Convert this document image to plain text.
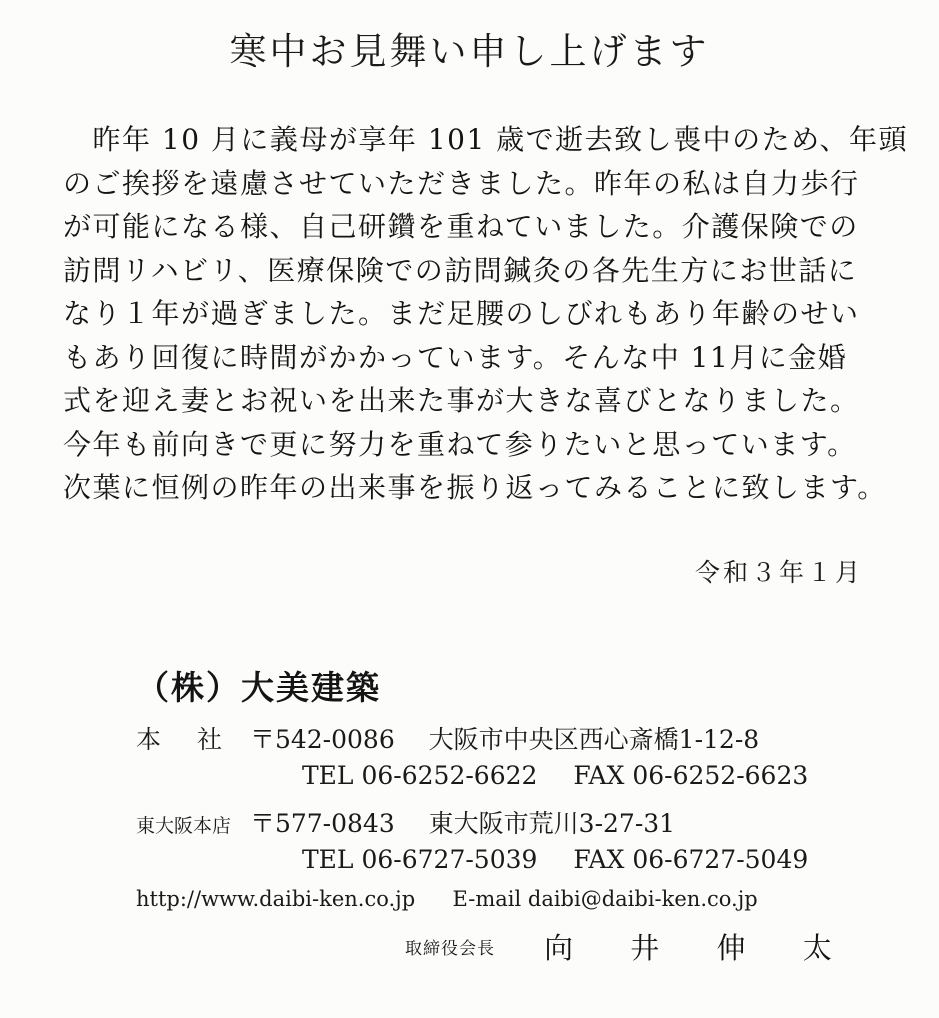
寒中お見舞い申し上げます
　昨年 10 月に義母が享年 101 歳で逝去致し喪中のため、年頭
のご挨拶を遠慮させていただきました。昨年の私は自力歩行
が可能になる様、自己研鑽を重ねていました。介護保険での
訪問リハビリ、医療保険での訪問鍼灸の各先生方にお世話に
なり１年が過ぎました。まだ足腰のしびれもあり年齢のせい
もあり回復に時間がかかっています。そんな中 11月に金婚
式を迎え妻とお祝いを出来た事が大きな喜びとなりました。
今年も前向きで更に努力を重ねて参りたいと思っています。
次葉に恒例の昨年の出来事を振り返ってみることに致します。
令和３年１月
（株）大美建築
本 社 〒542-0086 大阪市中央区西心斎橋1-12-8
TEL 06-6252-6622 FAX 06-6252-6623
東大阪本店 〒577-0843 東大阪市荒川3-27-31
TEL 06-6727-5039 FAX 06-6727-5049
http://www.daibi-ken.co.jp E-mail daibi@daibi-ken.co.jp
取締役会長 向 井 伸 太
